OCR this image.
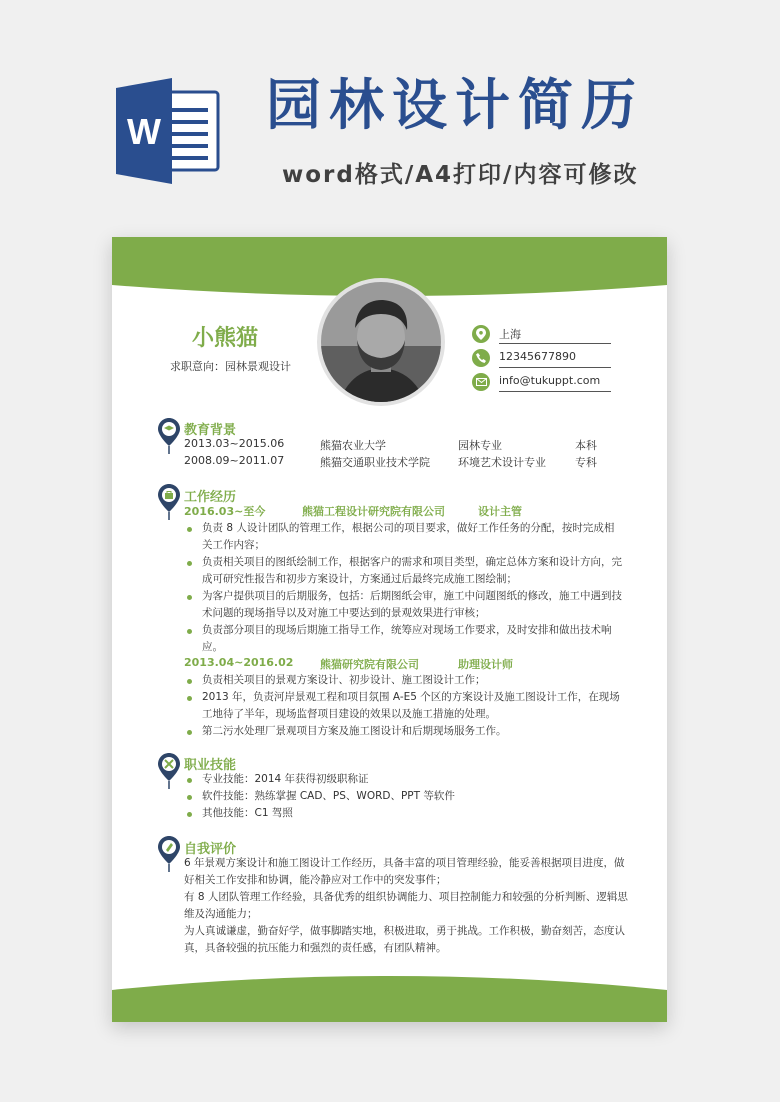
W 园林设计简历
word格式/A4打印/内容可修改
小熊猫
求职意向：园林景观设计
上海
12345677890
info@tukuppt.com
教育背景
2013.03~2015.06	熊猫农业大学	园林专业	本科
2008.09~2011.07	熊猫交通职业技术学院	环境艺术设计专业	专科
工作经历
2016.03~至今	熊猫工程设计研究院有限公司	设计主管
负责 8 人设计团队的管理工作，根据公司的项目要求，做好工作任务的分配，按时完成相关工作内容；
负责相关项目的图纸绘制工作，根据客户的需求和项目类型，确定总体方案和设计方向，完成可研究性报告和初步方案设计，方案通过后最终完成施工图绘制；
为客户提供项目的后期服务，包括：后期图纸会审，施工中问题图纸的修改，施工中遇到技术问题的现场指导以及对施工中要达到的景观效果进行审核；
负责部分项目的现场后期施工指导工作，统筹应对现场工作要求，及时安排和做出技术响应。
2013.04~2016.02 熊猫研究院有限公司	助理设计师
负责相关项目的景观方案设计、初步设计、施工图设计工作；
2013 年，负责河岸景观工程和项目氛围 A-E5 个区的方案设计及施工图设计工作，在现场工地待了半年，现场监督项目建设的效果以及施工措施的处理。
第二污水处理厂景观项目方案及施工图设计和后期现场服务工作。
职业技能
专业技能：2014 年获得初级职称证
软件技能：熟练掌握 CAD、PS、WORD、PPT 等软件
其他技能：C1 驾照
自我评价

6 年景观方案设计和施工图设计工作经历，具备丰富的项目管理经验，能妥善根据项目进度，做好相关工作安排和协调，能冷静应对工作中的突发事件；

有 8 人团队管理工作经验，具备优秀的组织协调能力、项目控制能力和较强的分析判断、逻辑思维及沟通能力；

为人真诚谦虚，勤奋好学，做事脚踏实地，积极进取，勇于挑战。工作积极，勤奋刻苦，态度认真，具备较强的抗压能力和强烈的责任感，有团队精神。
